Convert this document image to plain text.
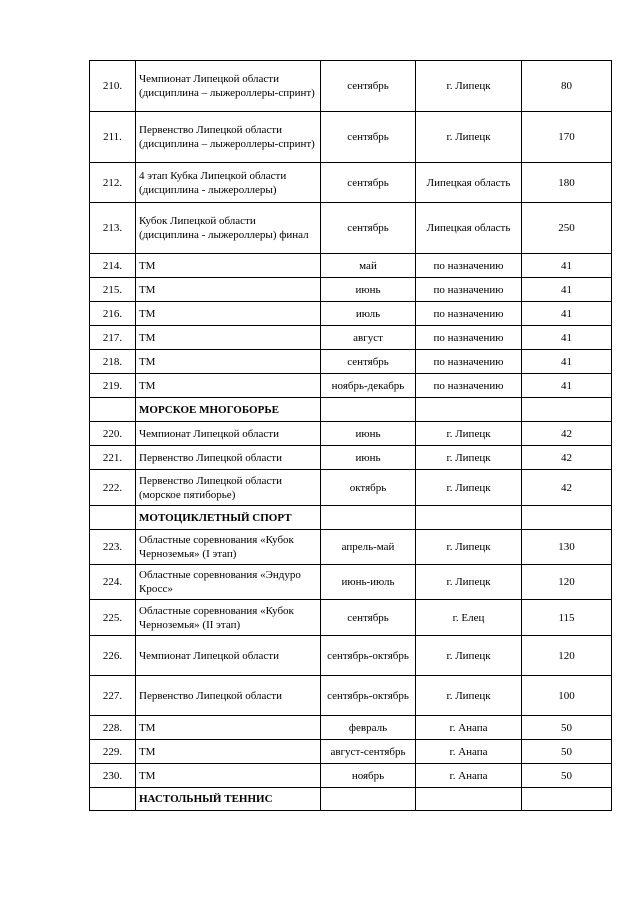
210.	Чемпионат Липецкой области (дисциплина – лыжероллеры-спринт)	сентябрь	г. Липецк	80
211.	Первенство Липецкой области (дисциплина – лыжероллеры-спринт)	сентябрь	г. Липецк	170
212.	4 этап Кубка Липецкой области (дисциплина - лыжероллеры)	сентябрь	Липецкая область	180
213.	Кубок Липецкой области (дисциплина - лыжероллеры) финал	сентябрь	Липецкая область	250
214.	ТМ	май	по назначению	41
215.	ТМ	июнь	по назначению	41
216.	ТМ	июль	по назначению	41
217.	ТМ	август	по назначению	41
218.	ТМ	сентябрь	по назначению	41
219.	ТМ	ноябрь-декабрь	по назначению	41
	МОРСКОЕ МНОГОБОРЬЕ			
220.	Чемпионат Липецкой области	июнь	г. Липецк	42
221.	Первенство Липецкой области	июнь	г. Липецк	42
222.	Первенство Липецкой области (морское пятиборье)	октябрь	г. Липецк	42
	МОТОЦИКЛЕТНЫЙ СПОРТ			
223.	Областные соревнования «Кубок Черноземья» (I этап)	апрель-май	г. Липецк	130
224.	Областные соревнования «Эндуро Кросс»	июнь-июль	г. Липецк	120
225.	Областные соревнования «Кубок Черноземья» (II этап)	сентябрь	г. Елец	115
226.	Чемпионат Липецкой области	сентябрь-октябрь	г. Липецк	120
227.	Первенство Липецкой области	сентябрь-октябрь	г. Липецк	100
228.	ТМ	февраль	г. Анапа	50
229.	ТМ	август-сентябрь	г. Анапа	50
230.	ТМ	ноябрь	г. Анапа	50
	НАСТОЛЬНЫЙ ТЕННИС			
